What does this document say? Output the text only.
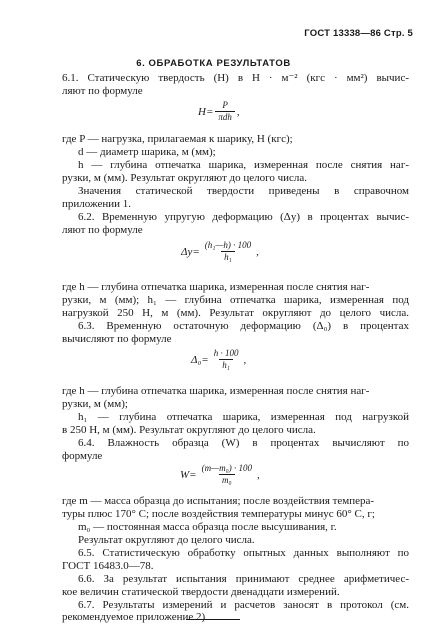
ГОСТ 13338—86 Стр. 5
6. ОБРАБОТКА РЕЗУЛЬТАТОВ
6.1. Статическую твердость (Н) в Н · м⁻² (кгс · мм²) вычис-
ляют по формуле
$H= \frac{P}{\text{πdh}}$ ,
где P — нагрузка, прилагаемая к шарику, Н (кгс);
d — диаметр шарика, м (мм);
h — глубина отпечатка шарика, измеренная после снятия наг-
рузки, м (мм). Результат округляют до целого числа.
Значения статической твердости приведены в справочном
приложении 1.
6.2. Временную упругую деформацию (Δy) в процентах вычис-
ляют по формуле
$\Delta y= \frac{\text{(h₁—h) · 100}}{\text{h₁}}$ ,
где h — глубина отпечатка шарика, измеренная после снятия наг-
рузки, м (мм); h₁ — глубина отпечатка шарика, измеренная под
нагрузкой 250 Н, м (мм). Результат округляют до целого числа.
6.3. Временную остаточную деформацию (Δ₀) в процентах
вычисляют по формуле
$\Delta_0= \frac{h \cdot 100}{\text{h₁}}$ ,
где h — глубина отпечатка шарика, измеренная после снятия наг-
рузки, м (мм);
h₁ — глубина отпечатка шарика, измеренная под нагрузкой
в 250 Н, м (мм). Результат округляют до целого числа.
6.4. Влажность образца (W) в процентах вычисляют по
формуле
$W= \frac{\text{(m—m₀) · 100}}{\text{m₀}}$ ,
где m — масса образца до испытания; после воздействия темпера-
туры плюс 170° С; после воздействия температуры минус 60° С, г;
m₀ — постоянная масса образца после высушивания, г.
Результат округляют до целого числа.
6.5. Статистическую обработку опытных данных выполняют по
ГОСТ 16483.0—78.
6.6. За результат испытания принимают среднее арифметичес-
кое величин статической твердости двенадцати измерений.
6.7. Результаты измерений и расчетов заносят в протокол (см.
рекомендуемое приложение 2)
